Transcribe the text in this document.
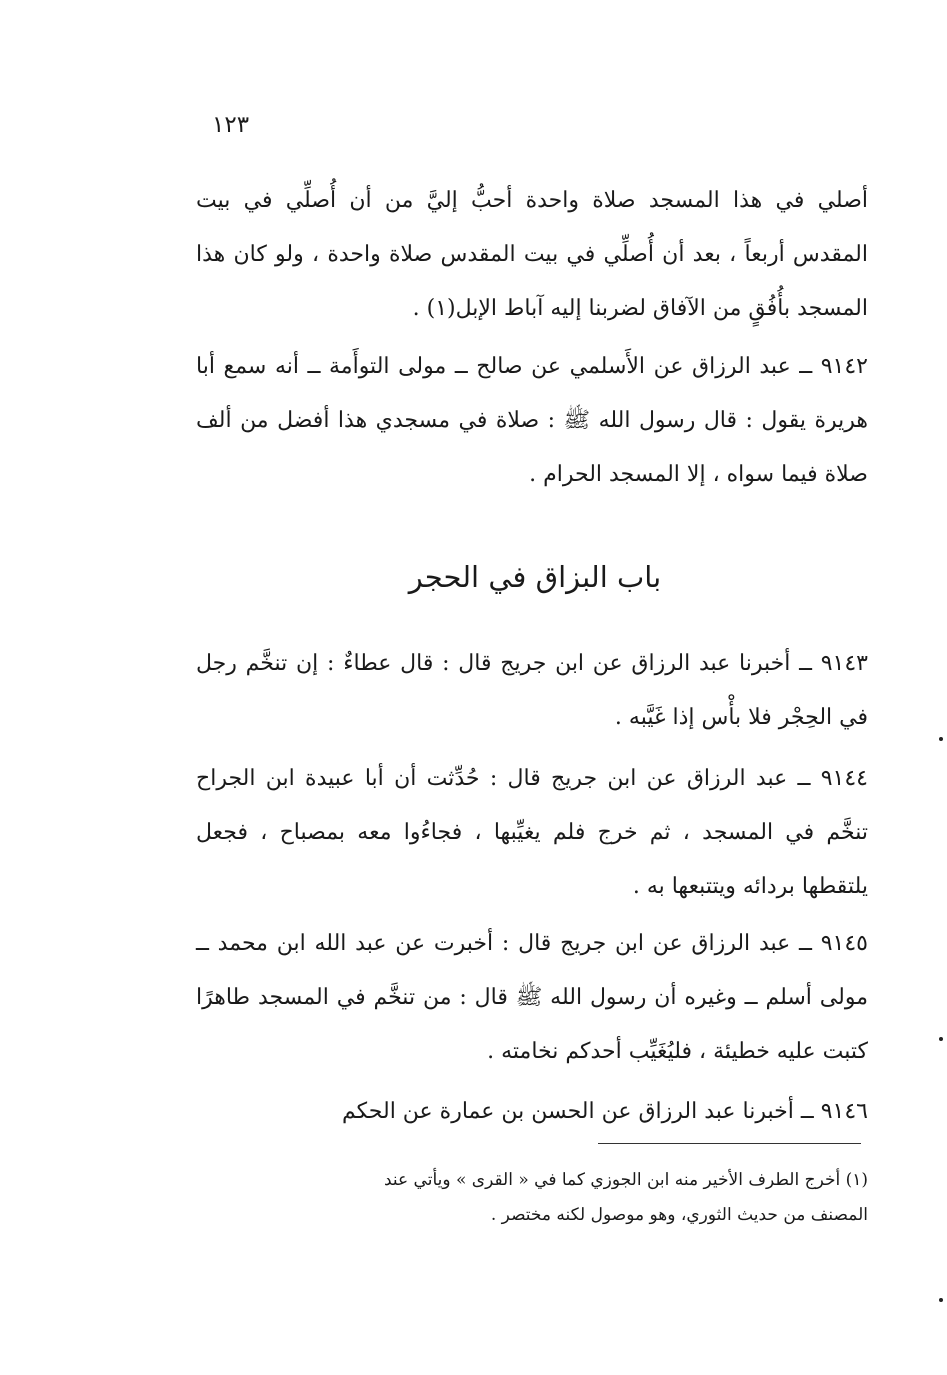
١٢٣

أصلي في هذا المسجد صلاة واحدة أحبُّ إليَّ من أن أُصلِّي في بيت المقدس أربعاً ، بعد أن أُصلِّي في بيت المقدس صلاة واحدة ، ولو كان هذا المسجد بأُفُقٍ من الآفاق لضربنا إليه آباط الإبل(١) .

٩١٤٢ ــ عبد الرزاق عن الأَسلمي عن صالح ــ مولى التوأَمة ــ أنه سمع أبا هريرة يقول : قال رسول الله ﷺ : صلاة في مسجدي هذا أفضل من ألف صلاة فيما سواه ، إلا المسجد الحرام .

باب البزاق في الحجر

٩١٤٣ ــ أخبرنا عبد الرزاق عن ابن جريج قال : قال عطاءٌ : إن تنخَّم رجل في الحِجْر فلا بأْس إذا غَيَّبه .

٩١٤٤ ــ عبد الرزاق عن ابن جريج قال : حُدِّثت أن أبا عبيدة ابن الجراح تنخَّم في المسجد ، ثم خرج فلم يغيِّبها ، فجاءُوا معه بمصباح ، فجعل يلتقطها بردائه ويتتبعها به .

٩١٤٥ ــ عبد الرزاق عن ابن جريج قال : أخبرت عن عبد الله ابن محمد ــ مولى أسلم ــ وغيره أن رسول الله ﷺ قال : من تنخَّم في المسجد طاهرًا كتبت عليه خطيئة ، فليُغَيِّب أحدكم نخامته .

٩١٤٦ ــ أخبرنا عبد الرزاق عن الحسن بن عمارة عن الحكم

(١) أخرج الطرف الأخير منه ابن الجوزي كما في « القرى » ويأتي عند

المصنف من حديث الثوري، وهو موصول لكنه مختصر .
